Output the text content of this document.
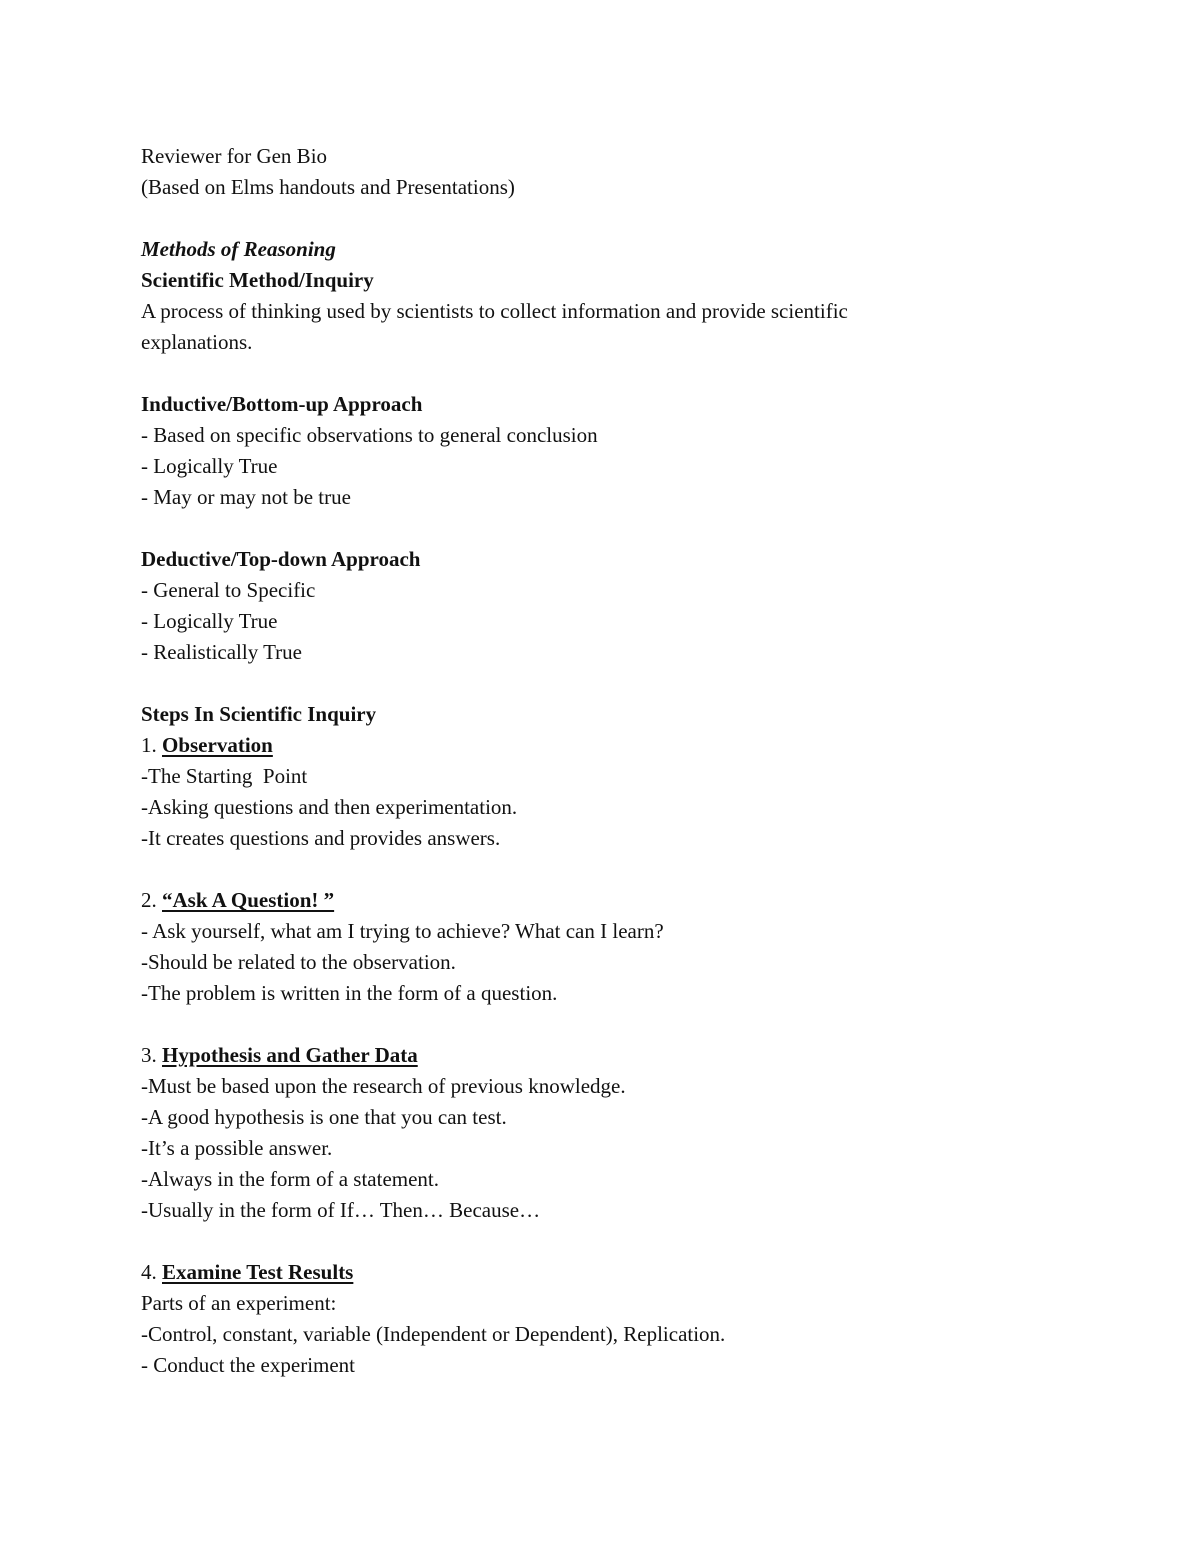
Reviewer for Gen Bio
(Based on Elms handouts and Presentations)
Methods of Reasoning
Scientific Method/Inquiry
A process of thinking used by scientists to collect information and provide scientific
explanations.
Inductive/Bottom-up Approach
- Based on specific observations to general conclusion
- Logically True
- May or may not be true
Deductive/Top-down Approach
- General to Specific
- Logically True
- Realistically True
Steps In Scientific Inquiry
1. Observation
-The Starting  Point
-Asking questions and then experimentation.
-It creates questions and provides answers.
2. “Ask A Question! ”
- Ask yourself, what am I trying to achieve? What can I learn?
-Should be related to the observation.
-The problem is written in the form of a question.
3. Hypothesis and Gather Data
-Must be based upon the research of previous knowledge.
-A good hypothesis is one that you can test.
-It’s a possible answer.
-Always in the form of a statement.
-Usually in the form of If… Then… Because…
4. Examine Test Results
Parts of an experiment:
-Control, constant, variable (Independent or Dependent), Replication.
- Conduct the experiment
